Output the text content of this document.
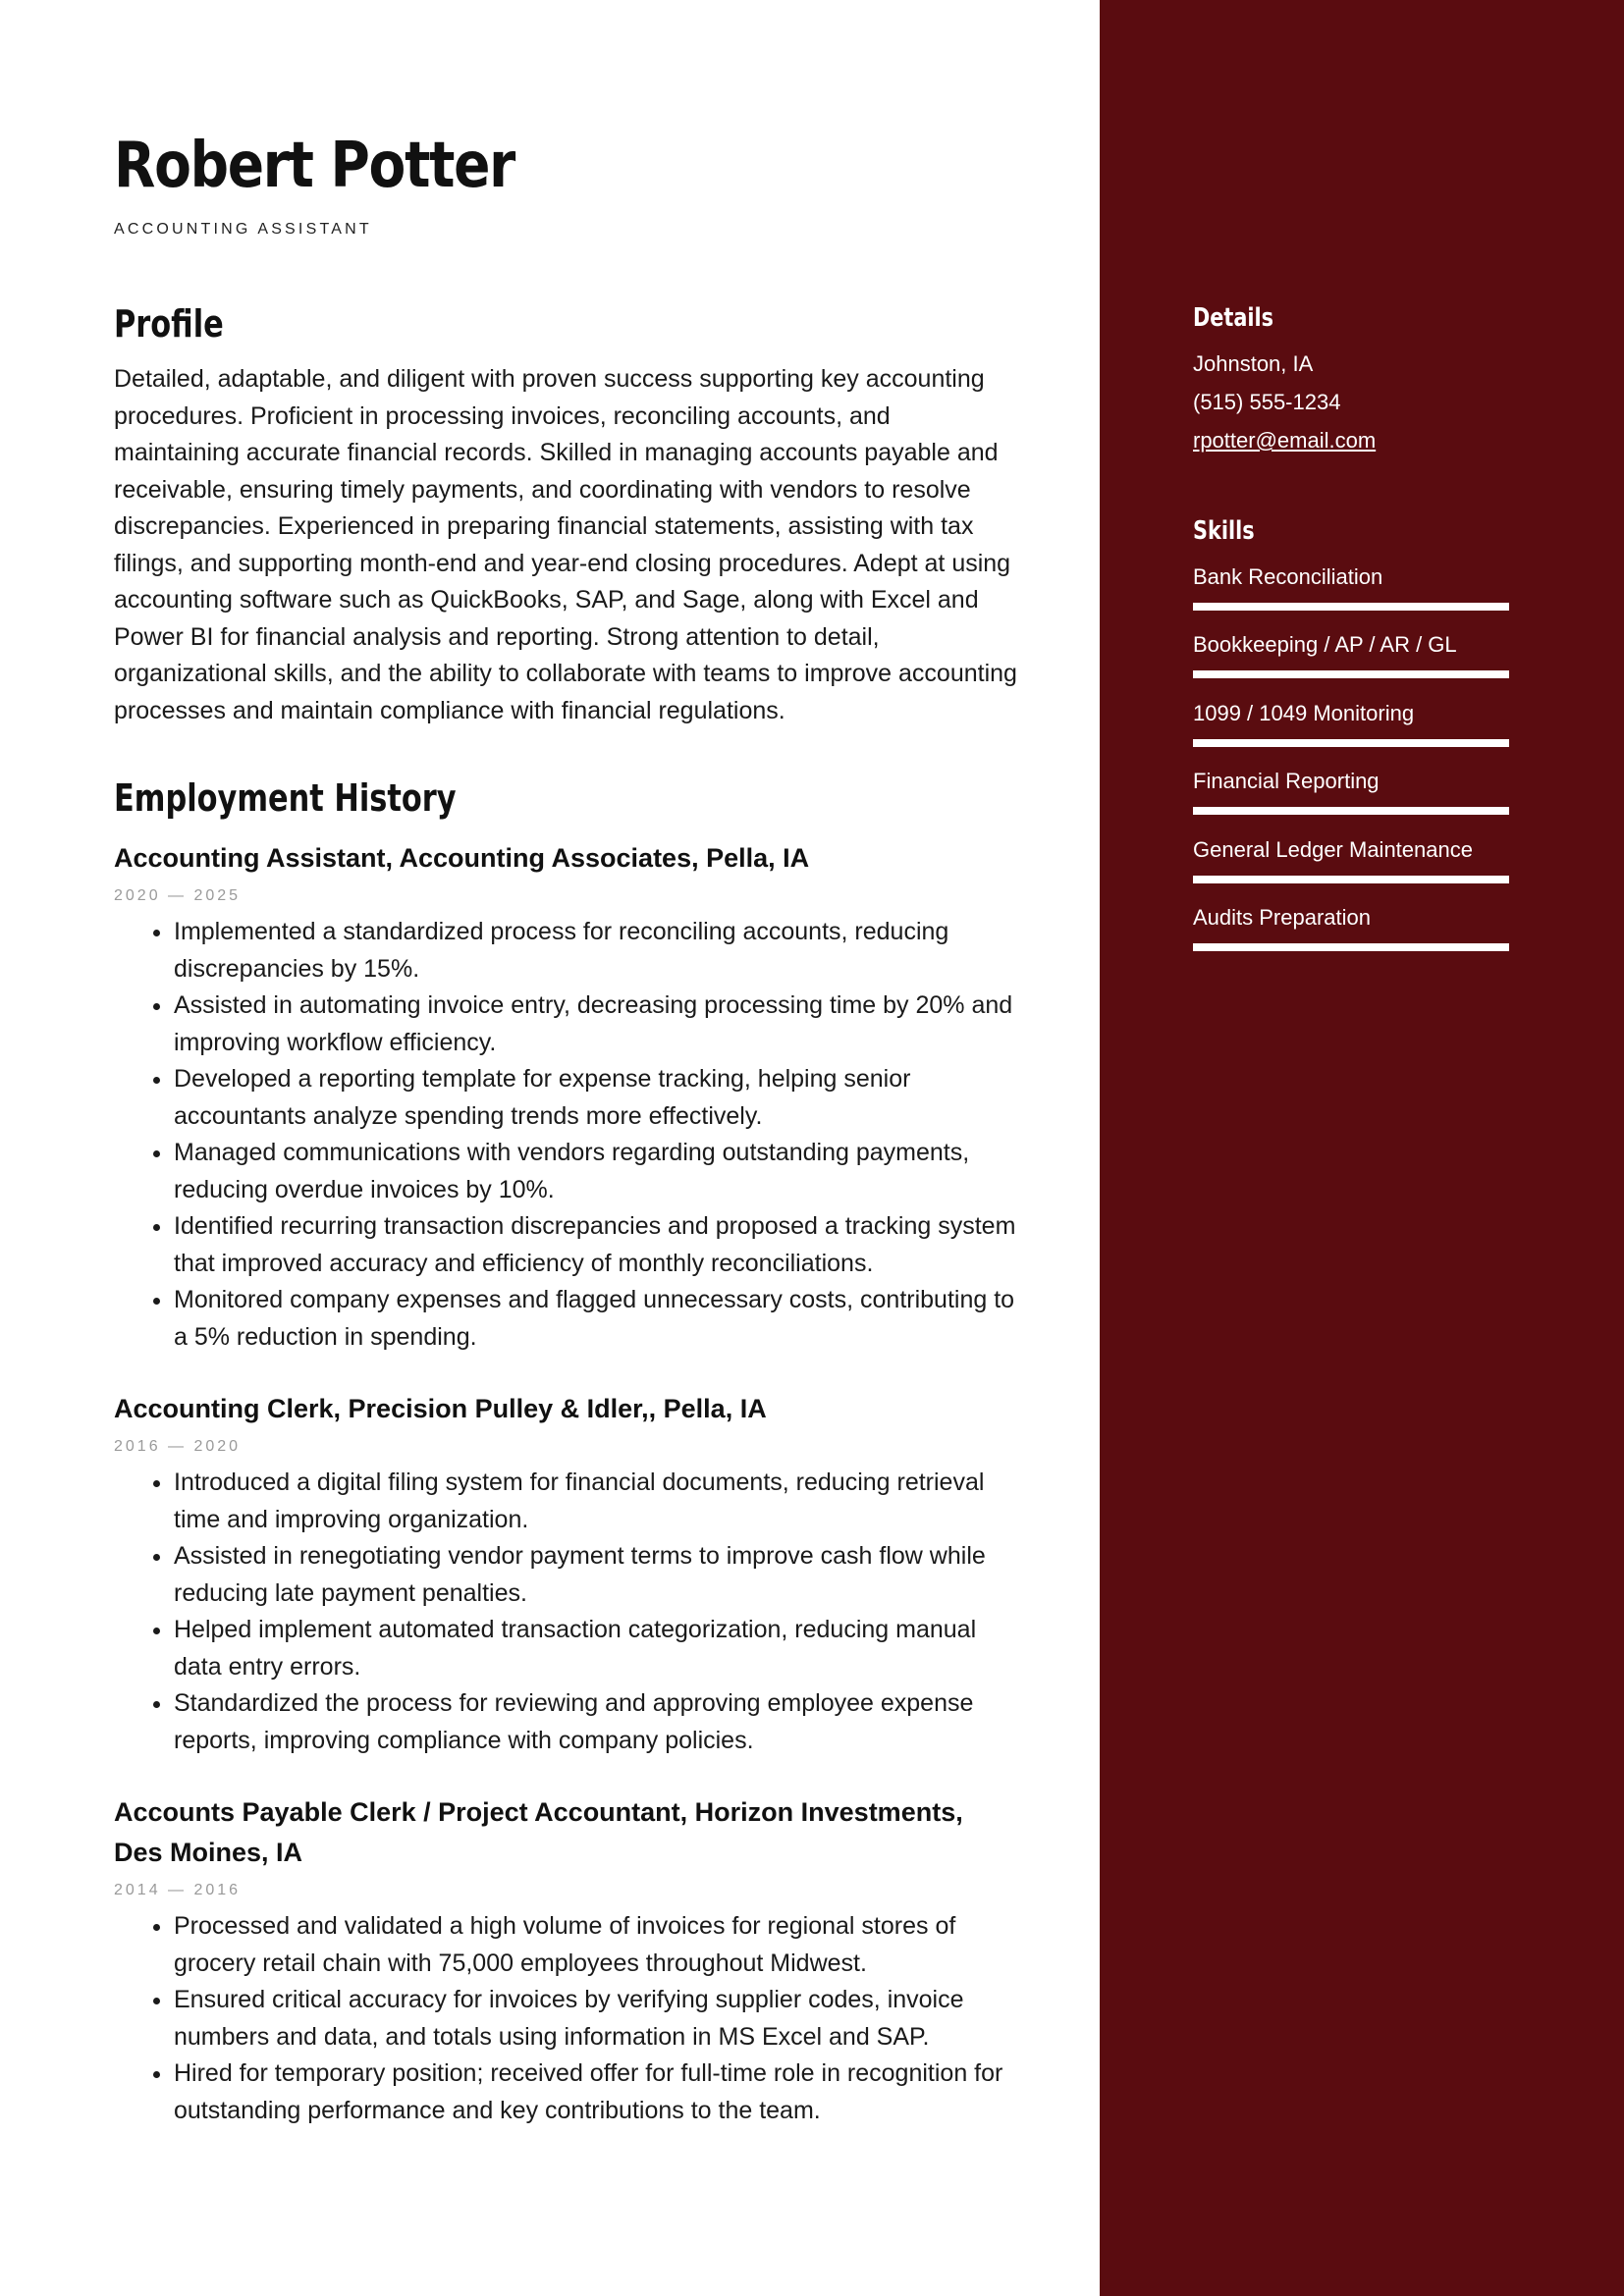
Robert Potter
ACCOUNTING ASSISTANT
Profile

Detailed, adaptable, and diligent with proven success supporting key accounting procedures. Proficient in processing invoices, reconciling accounts, and maintaining accurate financial records. Skilled in managing accounts payable and receivable, ensuring timely payments, and coordinating with vendors to resolve discrepancies. Experienced in preparing financial statements, assisting with tax filings, and supporting month-end and year-end closing procedures. Adept at using accounting software such as QuickBooks, SAP, and Sage, along with Excel and Power BI for financial analysis and reporting. Strong attention to detail, organizational skills, and the ability to collaborate with teams to improve accounting processes and maintain compliance with financial regulations.

Employment History
Accounting Assistant, Accounting Associates, Pella, IA
2020 — 2025
• Implemented a standardized process for reconciling accounts, reducing discrepancies by 15%.
• Assisted in automating invoice entry, decreasing processing time by 20% and improving workflow efficiency.
• Developed a reporting template for expense tracking, helping senior accountants analyze spending trends more effectively.
• Managed communications with vendors regarding outstanding payments, reducing overdue invoices by 10%.
• Identified recurring transaction discrepancies and proposed a tracking system that improved accuracy and efficiency of monthly reconciliations.
• Monitored company expenses and flagged unnecessary costs, contributing to a 5% reduction in spending.
Accounting Clerk, Precision Pulley & Idler,, Pella, IA
2016 — 2020
• Introduced a digital filing system for financial documents, reducing retrieval time and improving organization.
• Assisted in renegotiating vendor payment terms to improve cash flow while reducing late payment penalties.
• Helped implement automated transaction categorization, reducing manual data entry errors.
• Standardized the process for reviewing and approving employee expense reports, improving compliance with company policies.
Accounts Payable Clerk / Project Accountant, Horizon Investments, Des Moines, IA
2014 — 2016
• Processed and validated a high volume of invoices for regional stores of grocery retail chain with 75,000 employees throughout Midwest.
• Ensured critical accuracy for invoices by verifying supplier codes, invoice numbers and data, and totals using information in MS Excel and SAP.
• Hired for temporary position; received offer for full-time role in recognition for outstanding performance and key contributions to the team.
Details
Johnston, IA
(515) 555-1234
rpotter@email.com
Skills
Bank Reconciliation
Bookkeeping / AP / AR / GL
1099 / 1049 Monitoring
Financial Reporting
General Ledger Maintenance
Audits Preparation
